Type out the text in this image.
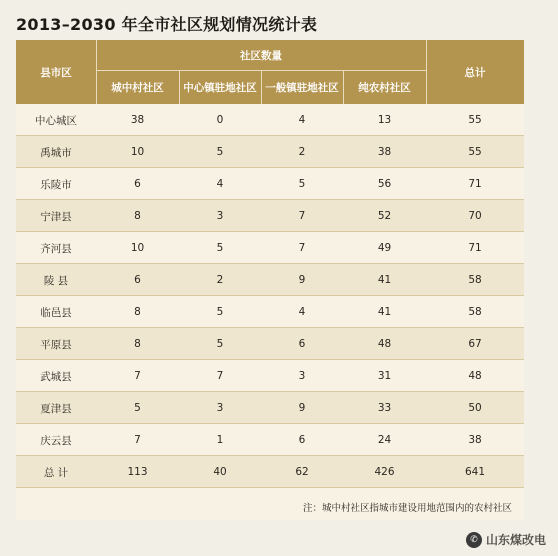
2013–2030 年全市社区规划情况统计表
县市区
社区数量
总计
城中村社区	中心镇驻地社区 一般镇驻地社区	纯农村社区
中心城区	38	0	4	13	55
禹城市	10	5	2	38	55
乐陵市	6	4	5	56	71
宁津县	8	3	7	52	70
齐河县	10	5	7	49	71
陵 县	6	2	9	41	58
临邑县	8	5	4	41	58
平原县	8	5	6	48	67
武城县	7	7	3	31	48
夏津县	5	3	9	33	50
庆云县	7	1	6	24	38
总 计	113	40	62	426	641
注：城中村社区指城市建设用地范围内的农村社区
✆ 山东煤改电
